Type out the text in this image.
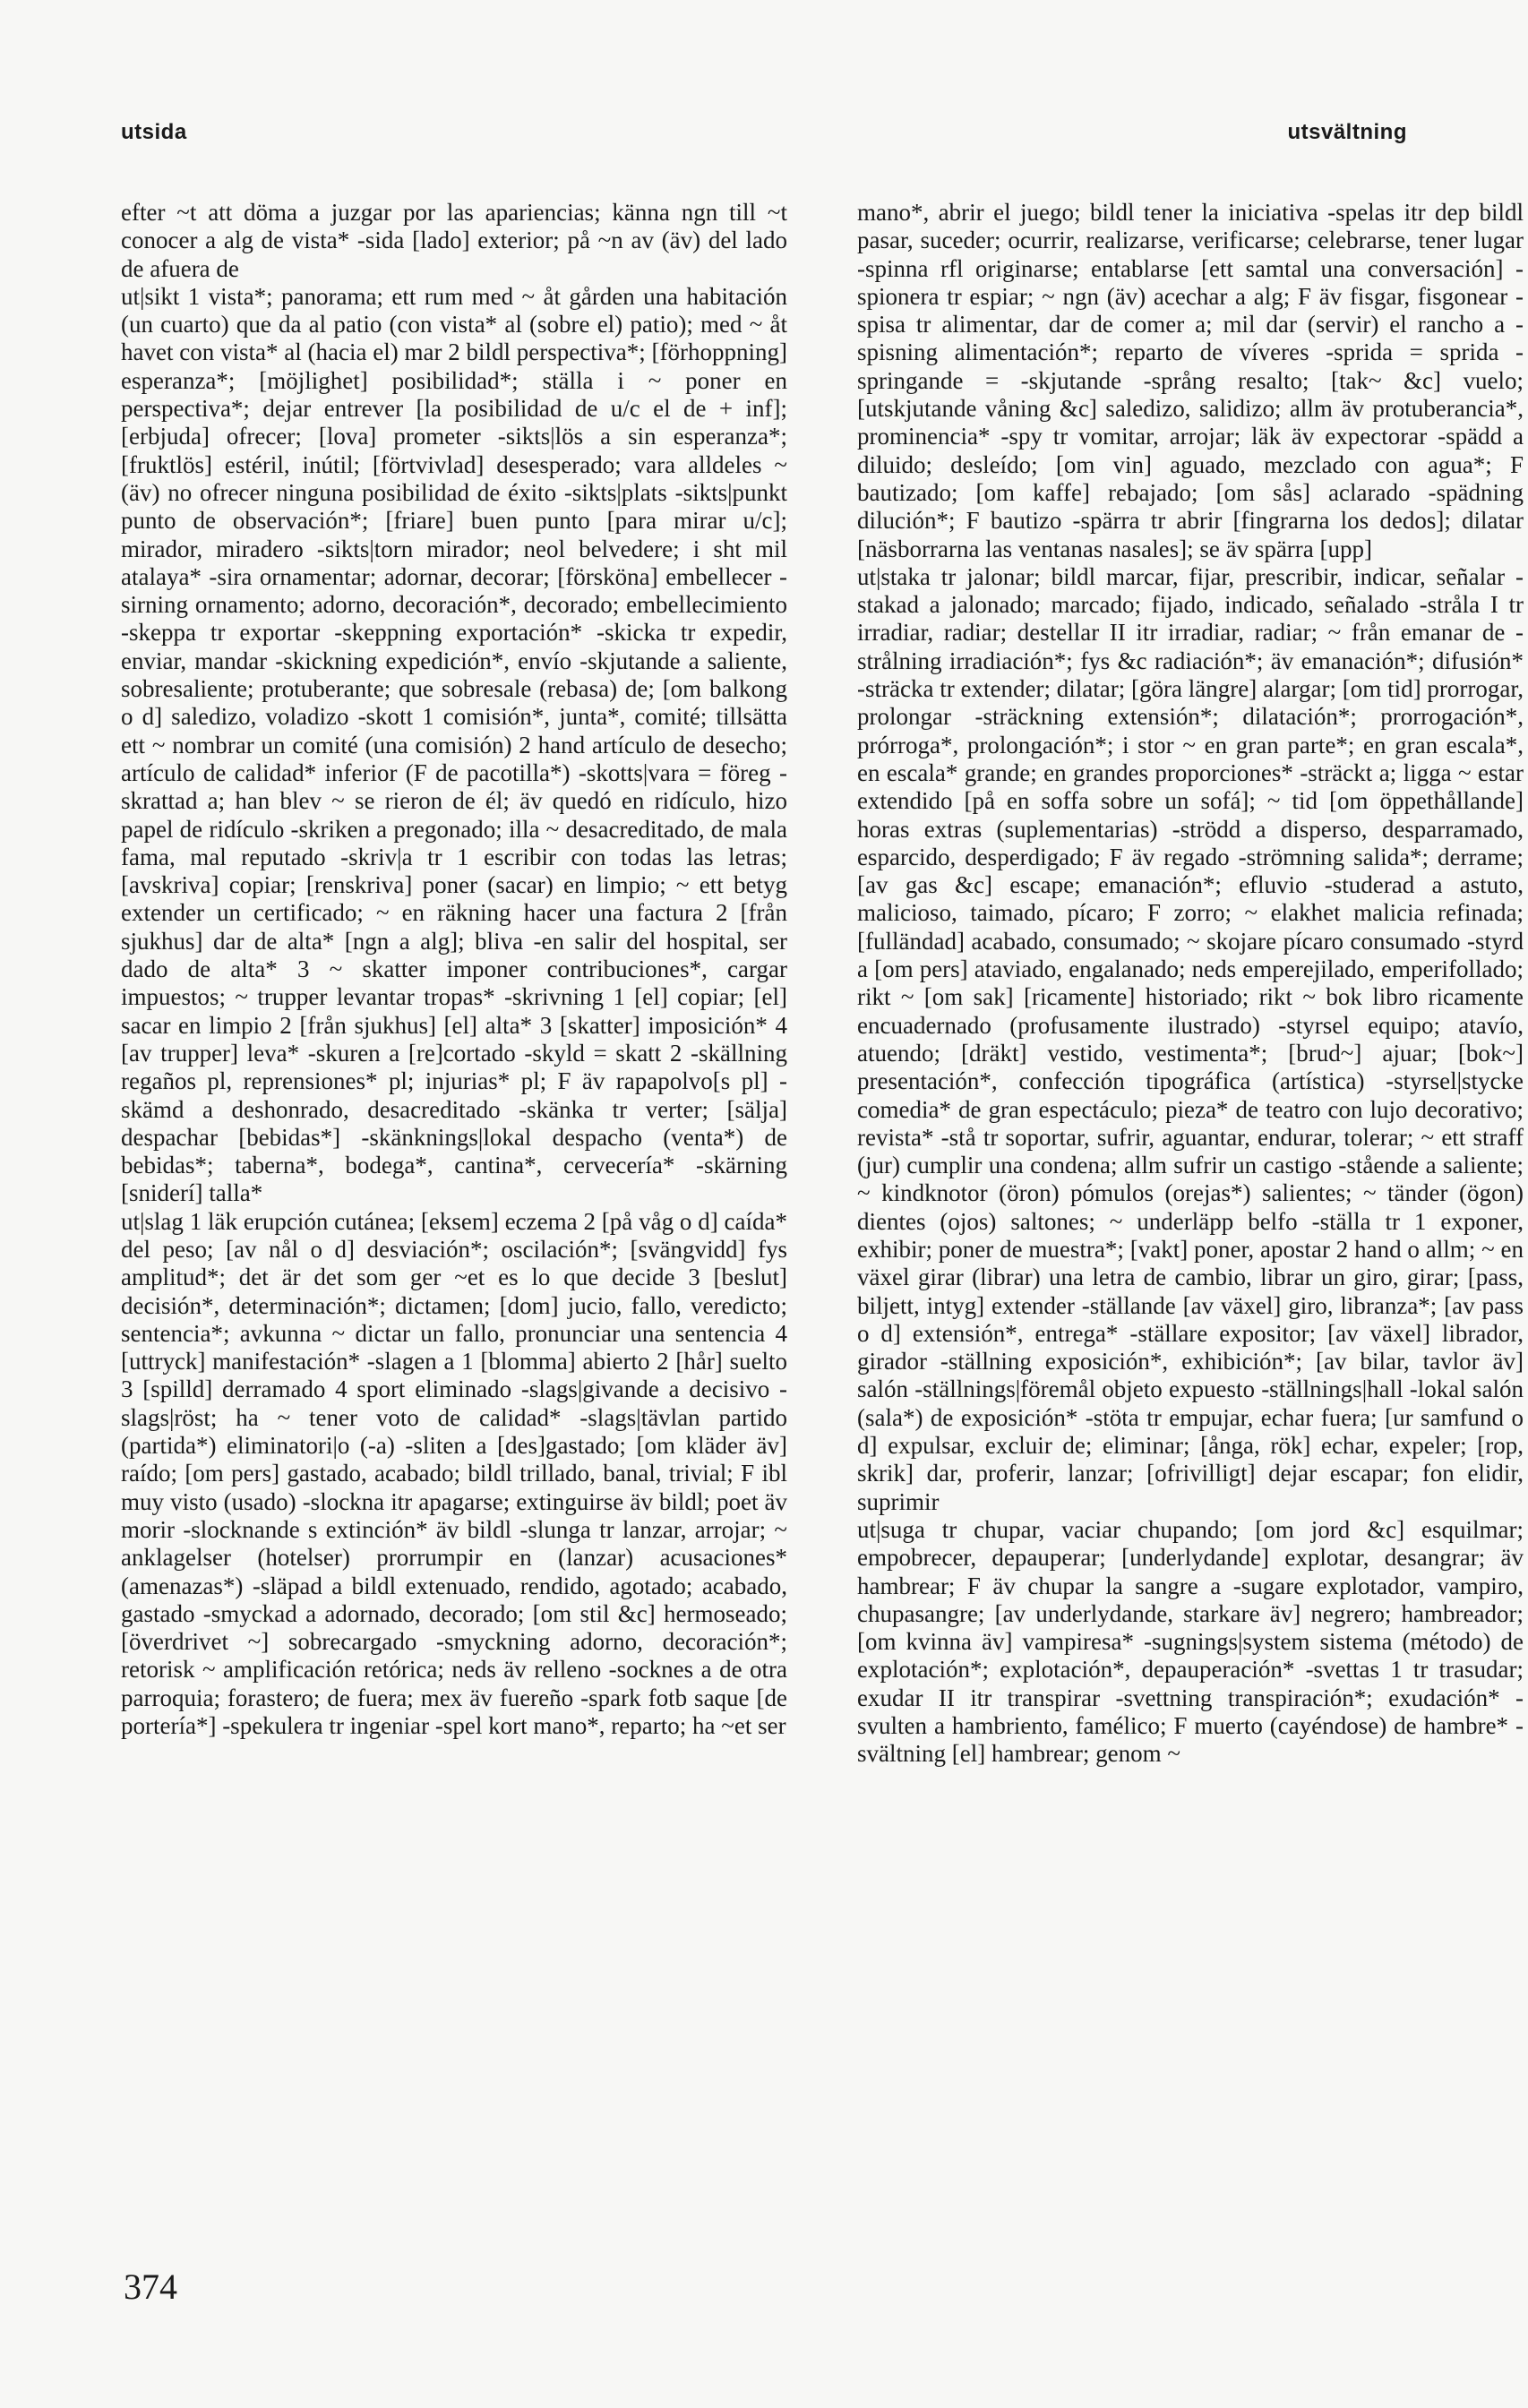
utsida	utsvältning

efter ~t att döma a juzgar por las apariencias; känna ngn till ~t conocer a alg de vista* -sida [lado] exterior; på ~n av (äv) del lado de afuera de

ut|sikt 1 vista*; panorama; ett rum med ~ åt gården una habitación (un cuarto) que da al patio (con vista* al (sobre el) patio); med ~ åt havet con vista* al (hacia el) mar 2 bildl perspectiva*; [förhoppning] esperanza*; [möjlighet] posibilidad*; ställa i ~ poner en perspectiva*; dejar entrever [la posibilidad de u/c el de + inf]; [erbjuda] ofrecer; [lova] prometer -sikts|lös a sin esperanza*; [fruktlös] estéril, inútil; [förtvivlad] desesperado; vara alldeles ~ (äv) no ofrecer ninguna posibilidad de éxito -sikts|plats -sikts|punkt punto de observación*; [friare] buen punto [para mirar u/c]; mirador, miradero -sikts|torn mirador; neol belvedere; i sht mil atalaya* -sira ornamentar; adornar, decorar; [försköna] embellecer -sirning ornamento; adorno, decoración*, decorado; embellecimiento -skeppa tr exportar -skeppning exportación* -skicka tr expedir, enviar, mandar -skickning expedición*, envío -skjutande a saliente, sobresaliente; protuberante; que sobresale (rebasa) de; [om balkong o d] saledizo, voladizo -skott 1 comisión*, junta*, comité; tillsätta ett ~ nombrar un comité (una comisión) 2 hand artículo de desecho; artículo de calidad* inferior (F de pacotilla*) -skotts|vara = föreg -skrattad a; han blev ~ se rieron de él; äv quedó en ridículo, hizo papel de ridículo -skriken a pregonado; illa ~ desacreditado, de mala fama, mal reputado -skriv|a tr 1 escribir con todas las letras; [avskriva] copiar; [renskriva] poner (sacar) en limpio; ~ ett betyg extender un certificado; ~ en räkning hacer una factura 2 [från sjukhus] dar de alta* [ngn a alg]; bliva -en salir del hospital, ser dado de alta* 3 ~ skatter imponer contribuciones*, cargar impuestos; ~ trupper levantar tropas* -skrivning 1 [el] copiar; [el] sacar en limpio 2 [från sjukhus] [el] alta* 3 [skatter] imposición* 4 [av trupper] leva* -skuren a [re]cortado -skyld = skatt 2 -skällning regaños pl, reprensiones* pl; injurias* pl; F äv rapapolvo[s pl] -skämd a deshonrado, desacreditado -skänka tr verter; [sälja] despachar [bebidas*] -skänknings|lokal despacho (venta*) de bebidas*; taberna*, bodega*, cantina*, cervecería* -skärning [sniderí] talla*

ut|slag 1 läk erupción cutánea; [eksem] eczema 2 [på våg o d] caída* del peso; [av nål o d] desviación*; oscilación*; [svängvidd] fys amplitud*; det är det som ger ~et es lo que decide 3 [beslut] decisión*, determinación*; dictamen; [dom] jucio, fallo, veredicto; sentencia*; avkunna ~ dictar un fallo, pronunciar una sentencia 4 [uttryck] manifestación* -slagen a 1 [blomma] abierto 2 [hår] suelto 3 [spilld] derramado 4 sport eliminado -slags|givande a decisivo -slags|röst; ha ~ tener voto de calidad* -slags|tävlan partido (partida*) eliminatori|o (-a) -sliten a [des]gastado; [om kläder äv] raído; [om pers] gastado, acabado; bildl trillado, banal, trivial; F ibl muy visto (usado) -slockna itr apagarse; extinguirse äv bildl; poet äv morir -slocknande s extinción* äv bildl -slunga tr lanzar, arrojar; ~ anklagelser (hotelser) prorrumpir en (lanzar) acusaciones* (amenazas*) -släpad a bildl extenuado, rendido, agotado; acabado, gastado -smyckad a adornado, decorado; [om stil &c] hermoseado; [överdrivet ~] sobrecargado -smyckning adorno, decoración*; retorisk ~ amplificación retórica; neds äv relleno -socknes a de otra parroquia; forastero; de fuera; mex äv fuereño -spark fotb saque [de portería*] -spekulera tr ingeniar -spel kort mano*, reparto; ha ~et ser

mano*, abrir el juego; bildl tener la iniciativa -spelas itr dep bildl pasar, suceder; ocurrir, realizarse, verificarse; celebrarse, tener lugar -spinna rfl originarse; entablarse [ett samtal una conversación] -spionera tr espiar; ~ ngn (äv) acechar a alg; F äv fisgar, fisgonear -spisa tr alimentar, dar de comer a; mil dar (servir) el rancho a -spisning alimentación*; reparto de víveres -sprida = sprida -springande = -skjutande -språng resalto; [tak~ &c] vuelo; [utskjutande våning &c] saledizo, salidizo; allm äv protuberancia*, prominencia* -spy tr vomitar, arrojar; läk äv expectorar -spädd a diluido; desleído; [om vin] aguado, mezclado con agua*; F bautizado; [om kaffe] rebajado; [om sås] aclarado -spädning dilución*; F bautizo -spärra tr abrir [fingrarna los dedos]; dilatar [näsborrarna las ventanas nasales]; se äv spärra [upp]

ut|staka tr jalonar; bildl marcar, fijar, prescribir, indicar, señalar -stakad a jalonado; marcado; fijado, indicado, señalado -stråla I tr irradiar, radiar; destellar II itr irradiar, radiar; ~ från emanar de -strålning irradiación*; fys &c radiación*; äv emanación*; difusión* -sträcka tr extender; dilatar; [göra längre] alargar; [om tid] prorrogar, prolongar -sträckning extensión*; dilatación*; prorrogación*, prórroga*, prolongación*; i stor ~ en gran parte*; en gran escala*, en escala* grande; en grandes proporciones* -sträckt a; ligga ~ estar extendido [på en soffa sobre un sofá]; ~ tid [om öppethållande] horas extras (suplementarias) -strödd a disperso, desparramado, esparcido, desperdigado; F äv regado -strömning salida*; derrame; [av gas &c] escape; emanación*; efluvio -studerad a astuto, malicioso, taimado, pícaro; F zorro; ~ elakhet malicia refinada; [fulländad] acabado, consumado; ~ skojare pícaro consumado -styrd a [om pers] ataviado, engalanado; neds emperejilado, emperifollado; rikt ~ [om sak] [ricamente] historiado; rikt ~ bok libro ricamente encuadernado (profusamente ilustrado) -styrsel equipo; atavío, atuendo; [dräkt] vestido, vestimenta*; [brud~] ajuar; [bok~] presentación*, confección tipográfica (artística) -styrsel|stycke comedia* de gran espectáculo; pieza* de teatro con lujo decorativo; revista* -stå tr soportar, sufrir, aguantar, endurar, tolerar; ~ ett straff (jur) cumplir una condena; allm sufrir un castigo -stående a saliente; ~ kindknotor (öron) pómulos (orejas*) salientes; ~ tänder (ögon) dientes (ojos) saltones; ~ underläpp belfo -ställa tr 1 exponer, exhibir; poner de muestra*; [vakt] poner, apostar 2 hand o allm; ~ en växel girar (librar) una letra de cambio, librar un giro, girar; [pass, biljett, intyg] extender -ställande [av växel] giro, libranza*; [av pass o d] extensión*, entrega* -ställare expositor; [av växel] librador, girador -ställning exposición*, exhibición*; [av bilar, tavlor äv] salón -ställnings|föremål objeto expuesto -ställnings|hall -lokal salón (sala*) de exposición* -stöta tr empujar, echar fuera; [ur samfund o d] expulsar, excluir de; eliminar; [ånga, rök] echar, expeler; [rop, skrik] dar, proferir, lanzar; [ofrivilligt] dejar escapar; fon elidir, suprimir

ut|suga tr chupar, vaciar chupando; [om jord &c] esquilmar; empobrecer, depauperar; [underlydande] explotar, desangrar; äv hambrear; F äv chupar la sangre a -sugare explotador, vampiro, chupasangre; [av underlydande, starkare äv] negrero; hambreador; [om kvinna äv] vampiresa* -sugnings|system sistema (método) de explotación*; explotación*, depauperación* -svettas 1 tr trasudar; exudar II itr transpirar -svettning transpiración*; exudación* -svulten a hambriento, famélico; F muerto (cayéndose) de hambre* -svältning [el] hambrear; genom ~

374
